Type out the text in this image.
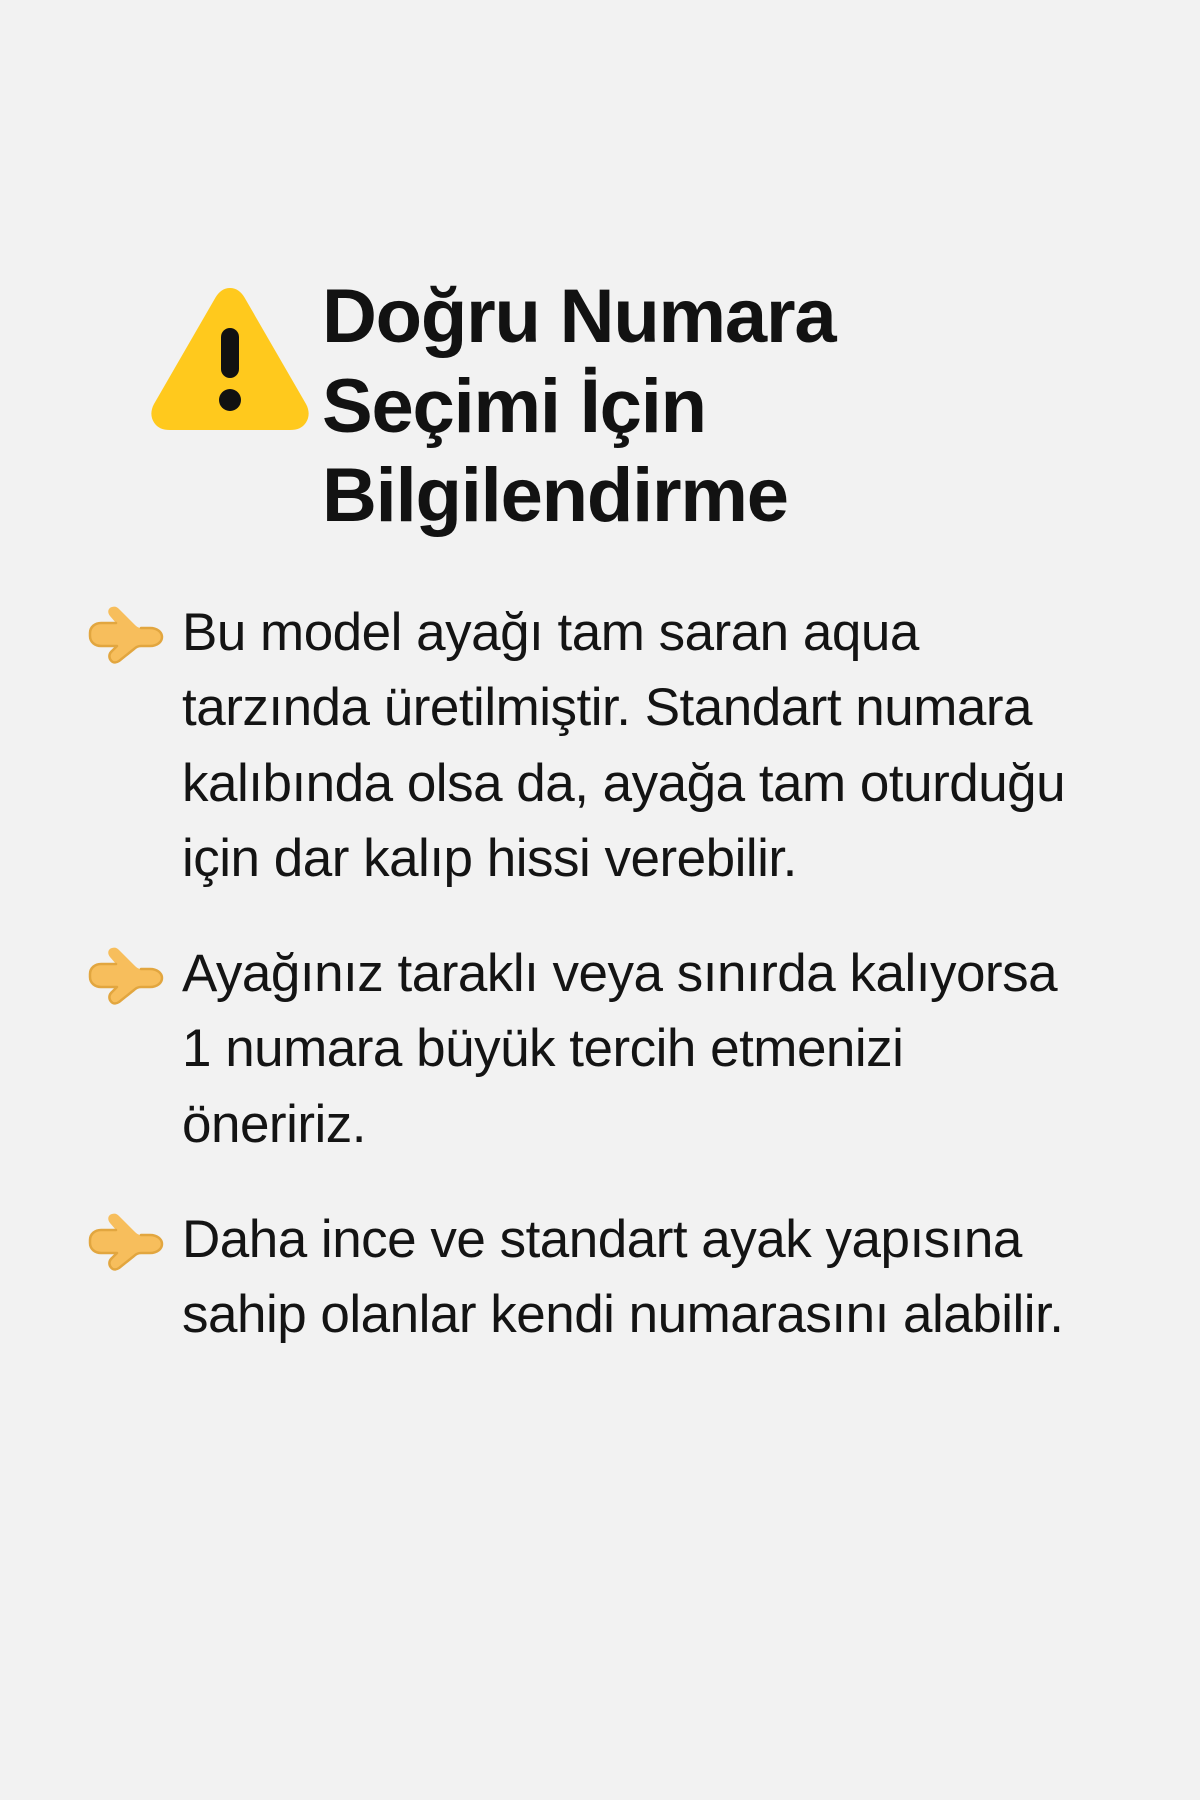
Doğru Numara Seçimi İçin Bilgilendirme
Bu model ayağı tam saran aqua tarzında üretilmiştir. Standart numara kalıbında olsa da, ayağa tam oturduğu için dar kalıp hissi verebilir.
Ayağınız taraklı veya sınırda kalıyorsa 1 numara büyük tercih etmenizi öneririz.
Daha ince ve standart ayak yapısına sahip olanlar kendi numarasını alabilir.
